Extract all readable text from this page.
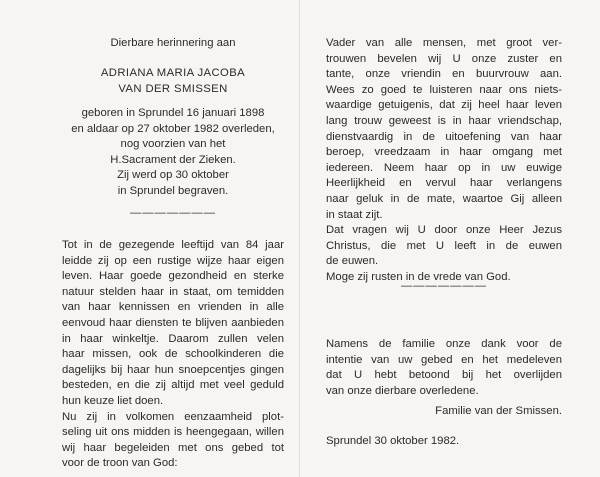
Dierbare herinnering aan
ADRIANA MARIA JACOBA
VAN DER SMISSEN
geboren in Sprundel 16 januari 1898
en aldaar op 27 oktober 1982 overleden,
nog voorzien van het
H.Sacrament der Zieken.
Zij werd op 30 oktober
in Sprundel begraven.
———————
Tot in de gezegende leeftijd van 84 jaar
leidde zij op een rustige wijze haar eigen
leven. Haar goede gezondheid en sterke
natuur stelden haar in staat, om temidden
van haar kennissen en vrienden in alle
eenvoud haar diensten te blijven aanbieden
in haar winkeltje. Daarom zullen velen
haar missen, ook de schoolkinderen die
dagelijks bij haar hun snoepcentjes gingen
besteden, en die zij altijd met veel geduld
hun keuze liet doen.
Nu zij in volkomen eenzaamheid plot-
seling uit ons midden is heengegaan, willen
wij haar begeleiden met ons gebed tot
voor de troon van God:
Vader van alle mensen, met groot ver-
trouwen bevelen wij U onze zuster en
tante, onze vriendin en buurvrouw aan.
Wees zo goed te luisteren naar ons niets-
waardige getuigenis, dat zij heel haar leven
lang trouw geweest is in haar vriendschap,
dienstvaardig in de uitoefening van haar
beroep, vreedzaam in haar omgang met
iedereen. Neem haar op in uw euwige
Heerlijkheid en vervul haar verlangens
naar geluk in de mate, waartoe Gij alleen
in staat zijt.
Dat vragen wij U door onze Heer Jezus
Christus, die met U leeft in de euwen
de euwen.
Moge zij rusten in de vrede van God.
———————
Namens de familie onze dank voor de
intentie van uw gebed en het medeleven
dat U hebt betoond bij het overlijden
van onze dierbare overledene.
Familie van der Smissen.
Sprundel 30 oktober 1982.
